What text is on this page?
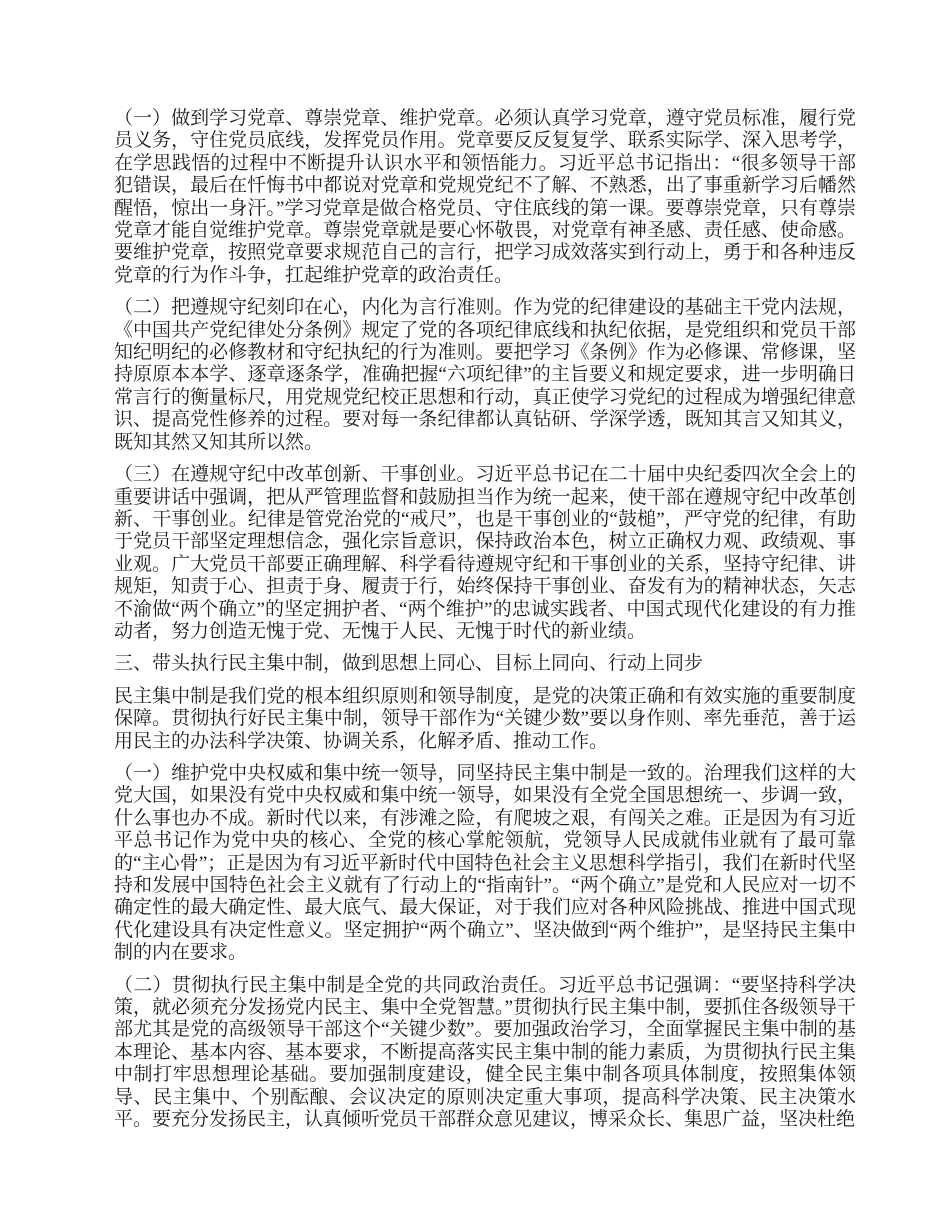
（一）做到学习党章、尊崇党章、维护党章。必须认真学习党章，遵守党员标准，履行党员义务，守住党员底线，发挥党员作用。党章要反反复复学、联系实际学、深入思考学，在学思践悟的过程中不断提升认识水平和领悟能力。习近平总书记指出：“很多领导干部犯错误，最后在忏悔书中都说对党章和党规党纪不了解、不熟悉，出了事重新学习后幡然醒悟，惊出一身汗。”学习党章是做合格党员、守住底线的第一课。要尊崇党章，只有尊崇党章才能自觉维护党章。尊崇党章就是要心怀敬畏，对党章有神圣感、责任感、使命感。要维护党章，按照党章要求规范自己的言行，把学习成效落实到行动上，勇于和各种违反党章的行为作斗争，扛起维护党章的政治责任。

（二）把遵规守纪刻印在心，内化为言行准则。作为党的纪律建设的基础主干党内法规，《中国共产党纪律处分条例》规定了党的各项纪律底线和执纪依据，是党组织和党员干部知纪明纪的必修教材和守纪执纪的行为准则。要把学习《条例》作为必修课、常修课，坚持原原本本学、逐章逐条学，准确把握“六项纪律”的主旨要义和规定要求，进一步明确日常言行的衡量标尺，用党规党纪校正思想和行动，真正使学习党纪的过程成为增强纪律意识、提高党性修养的过程。要对每一条纪律都认真钻研、学深学透，既知其言又知其义，既知其然又知其所以然。

（三）在遵规守纪中改革创新、干事创业。习近平总书记在二十届中央纪委四次全会上的重要讲话中强调，把从严管理监督和鼓励担当作为统一起来，使干部在遵规守纪中改革创新、干事创业。纪律是管党治党的“戒尺”，也是干事创业的“鼓槌”，严守党的纪律，有助于党员干部坚定理想信念，强化宗旨意识，保持政治本色，树立正确权力观、政绩观、事业观。广大党员干部要正确理解、科学看待遵规守纪和干事创业的关系，坚持守纪律、讲规矩，知责于心、担责于身、履责于行，始终保持干事创业、奋发有为的精神状态，矢志不渝做“两个确立”的坚定拥护者、“两个维护”的忠诚实践者、中国式现代化建设的有力推动者，努力创造无愧于党、无愧于人民、无愧于时代的新业绩。

三、带头执行民主集中制，做到思想上同心、目标上同向、行动上同步

民主集中制是我们党的根本组织原则和领导制度，是党的决策正确和有效实施的重要制度保障。贯彻执行好民主集中制，领导干部作为“关键少数”要以身作则、率先垂范，善于运用民主的办法科学决策、协调关系，化解矛盾、推动工作。

（一）维护党中央权威和集中统一领导，同坚持民主集中制是一致的。治理我们这样的大党大国，如果没有党中央权威和集中统一领导，如果没有全党全国思想统一、步调一致，什么事也办不成。新时代以来，有涉滩之险，有爬坡之艰，有闯关之难。正是因为有习近平总书记作为党中央的核心、全党的核心掌舵领航，党领导人民成就伟业就有了最可靠的“主心骨”；正是因为有习近平新时代中国特色社会主义思想科学指引，我们在新时代坚持和发展中国特色社会主义就有了行动上的“指南针”。“两个确立”是党和人民应对一切不确定性的最大确定性、最大底气、最大保证，对于我们应对各种风险挑战、推进中国式现代化建设具有决定性意义。坚定拥护“两个确立”、坚决做到“两个维护”，是坚持民主集中制的内在要求。

（二）贯彻执行民主集中制是全党的共同政治责任。习近平总书记强调：“要坚持科学决策，就必须充分发扬党内民主、集中全党智慧。”贯彻执行民主集中制，要抓住各级领导干部尤其是党的高级领导干部这个“关键少数”。要加强政治学习，全面掌握民主集中制的基本理论、基本内容、基本要求，不断提高落实民主集中制的能力素质，为贯彻执行民主集中制打牢思想理论基础。要加强制度建设，健全民主集中制各项具体制度，按照集体领导、民主集中、个别酝酿、会议决定的原则决定重大事项，提高科学决策、民主决策水平。要充分发扬民主，认真倾听党员干部群众意见建议，博采众长、集思广益，坚决杜绝
